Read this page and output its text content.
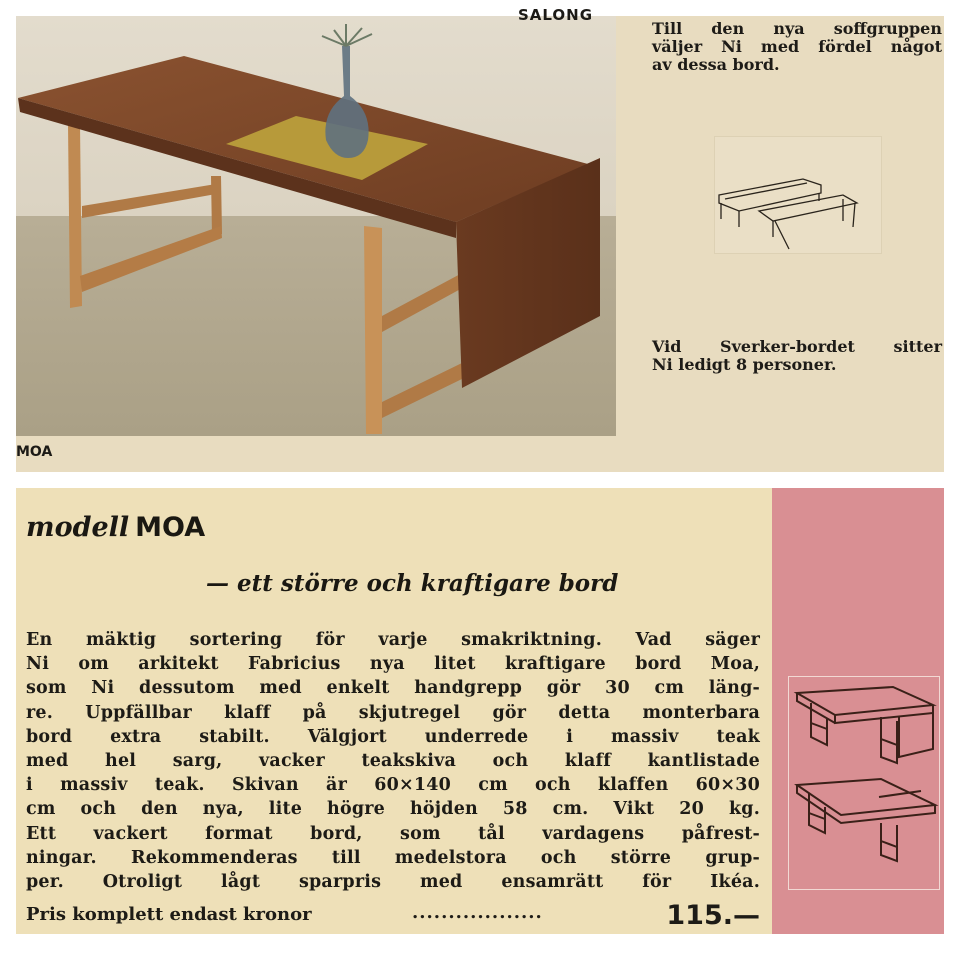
SALONG
MOA
Till den nya soffgruppen
väljer Ni med fördel något
av dessa bord.
Vid Sverker-bordet sitter
Ni ledigt 8 personer.
modell MOA
— ett större och kraftigare bord
En mäktig sortering för varje smakriktning. Vad säger
Ni om arkitekt Fabricius nya litet kraftigare bord Moa,
som Ni dessutom med enkelt handgrepp gör 30 cm läng-
re. Uppfällbar klaff på skjutregel gör detta monterbara
bord extra stabilt. Välgjort underrede i massiv teak
med hel sarg, vacker teakskiva och klaff kantlistade
i massiv teak. Skivan är 60×140 cm och klaffen 60×30
cm och den nya, lite högre höjden 58 cm. Vikt 20 kg.
Ett vackert format bord, som tål vardagens påfrest-
ningar. Rekommenderas till medelstora och större grup-
per. Otroligt lågt sparpris med ensamrätt för Ikéa.
Pris komplett endast kronor	..................	115.—
